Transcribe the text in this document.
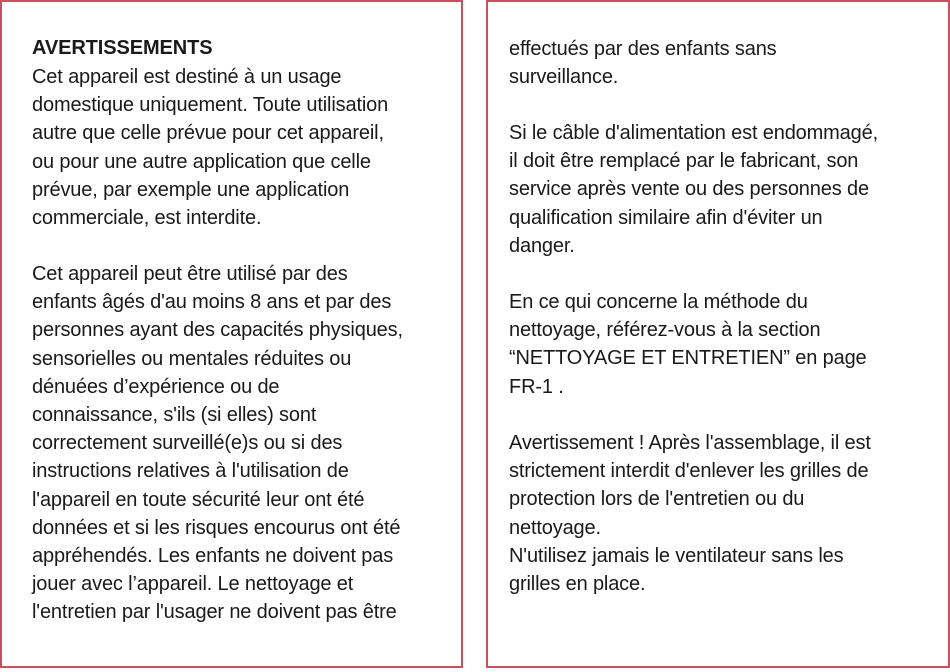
AVERTISSEMENTS

Cet appareil est destiné à un usage
domestique uniquement. Toute utilisation
autre que celle prévue pour cet appareil,
ou pour une autre application que celle
prévue, par exemple une application
commerciale, est interdite.

Cet appareil peut être utilisé par des
enfants âgés d'au moins 8 ans et par des
personnes ayant des capacités physiques,
sensorielles ou mentales réduites ou
dénuées d’expérience ou de
connaissance, s'ils (si elles) sont
correctement surveillé(e)s ou si des
instructions relatives à l'utilisation de
l'appareil en toute sécurité leur ont été
données et si les risques encourus ont été
appréhendés. Les enfants ne doivent pas
jouer avec l’appareil. Le nettoyage et
l'entretien par l'usager ne doivent pas être

effectués par des enfants sans
surveillance.

Si le câble d'alimentation est endommagé,
il doit être remplacé par le fabricant, son
service après vente ou des personnes de
qualification similaire afin d'éviter un
danger.

En ce qui concerne la méthode du
nettoyage, référez-vous à la section
“NETTOYAGE ET ENTRETIEN” en page
FR-1 .

Avertissement ! Après l'assemblage, il est
strictement interdit d'enlever les grilles de
protection lors de l'entretien ou du
nettoyage.
N'utilisez jamais le ventilateur sans les
grilles en place.
